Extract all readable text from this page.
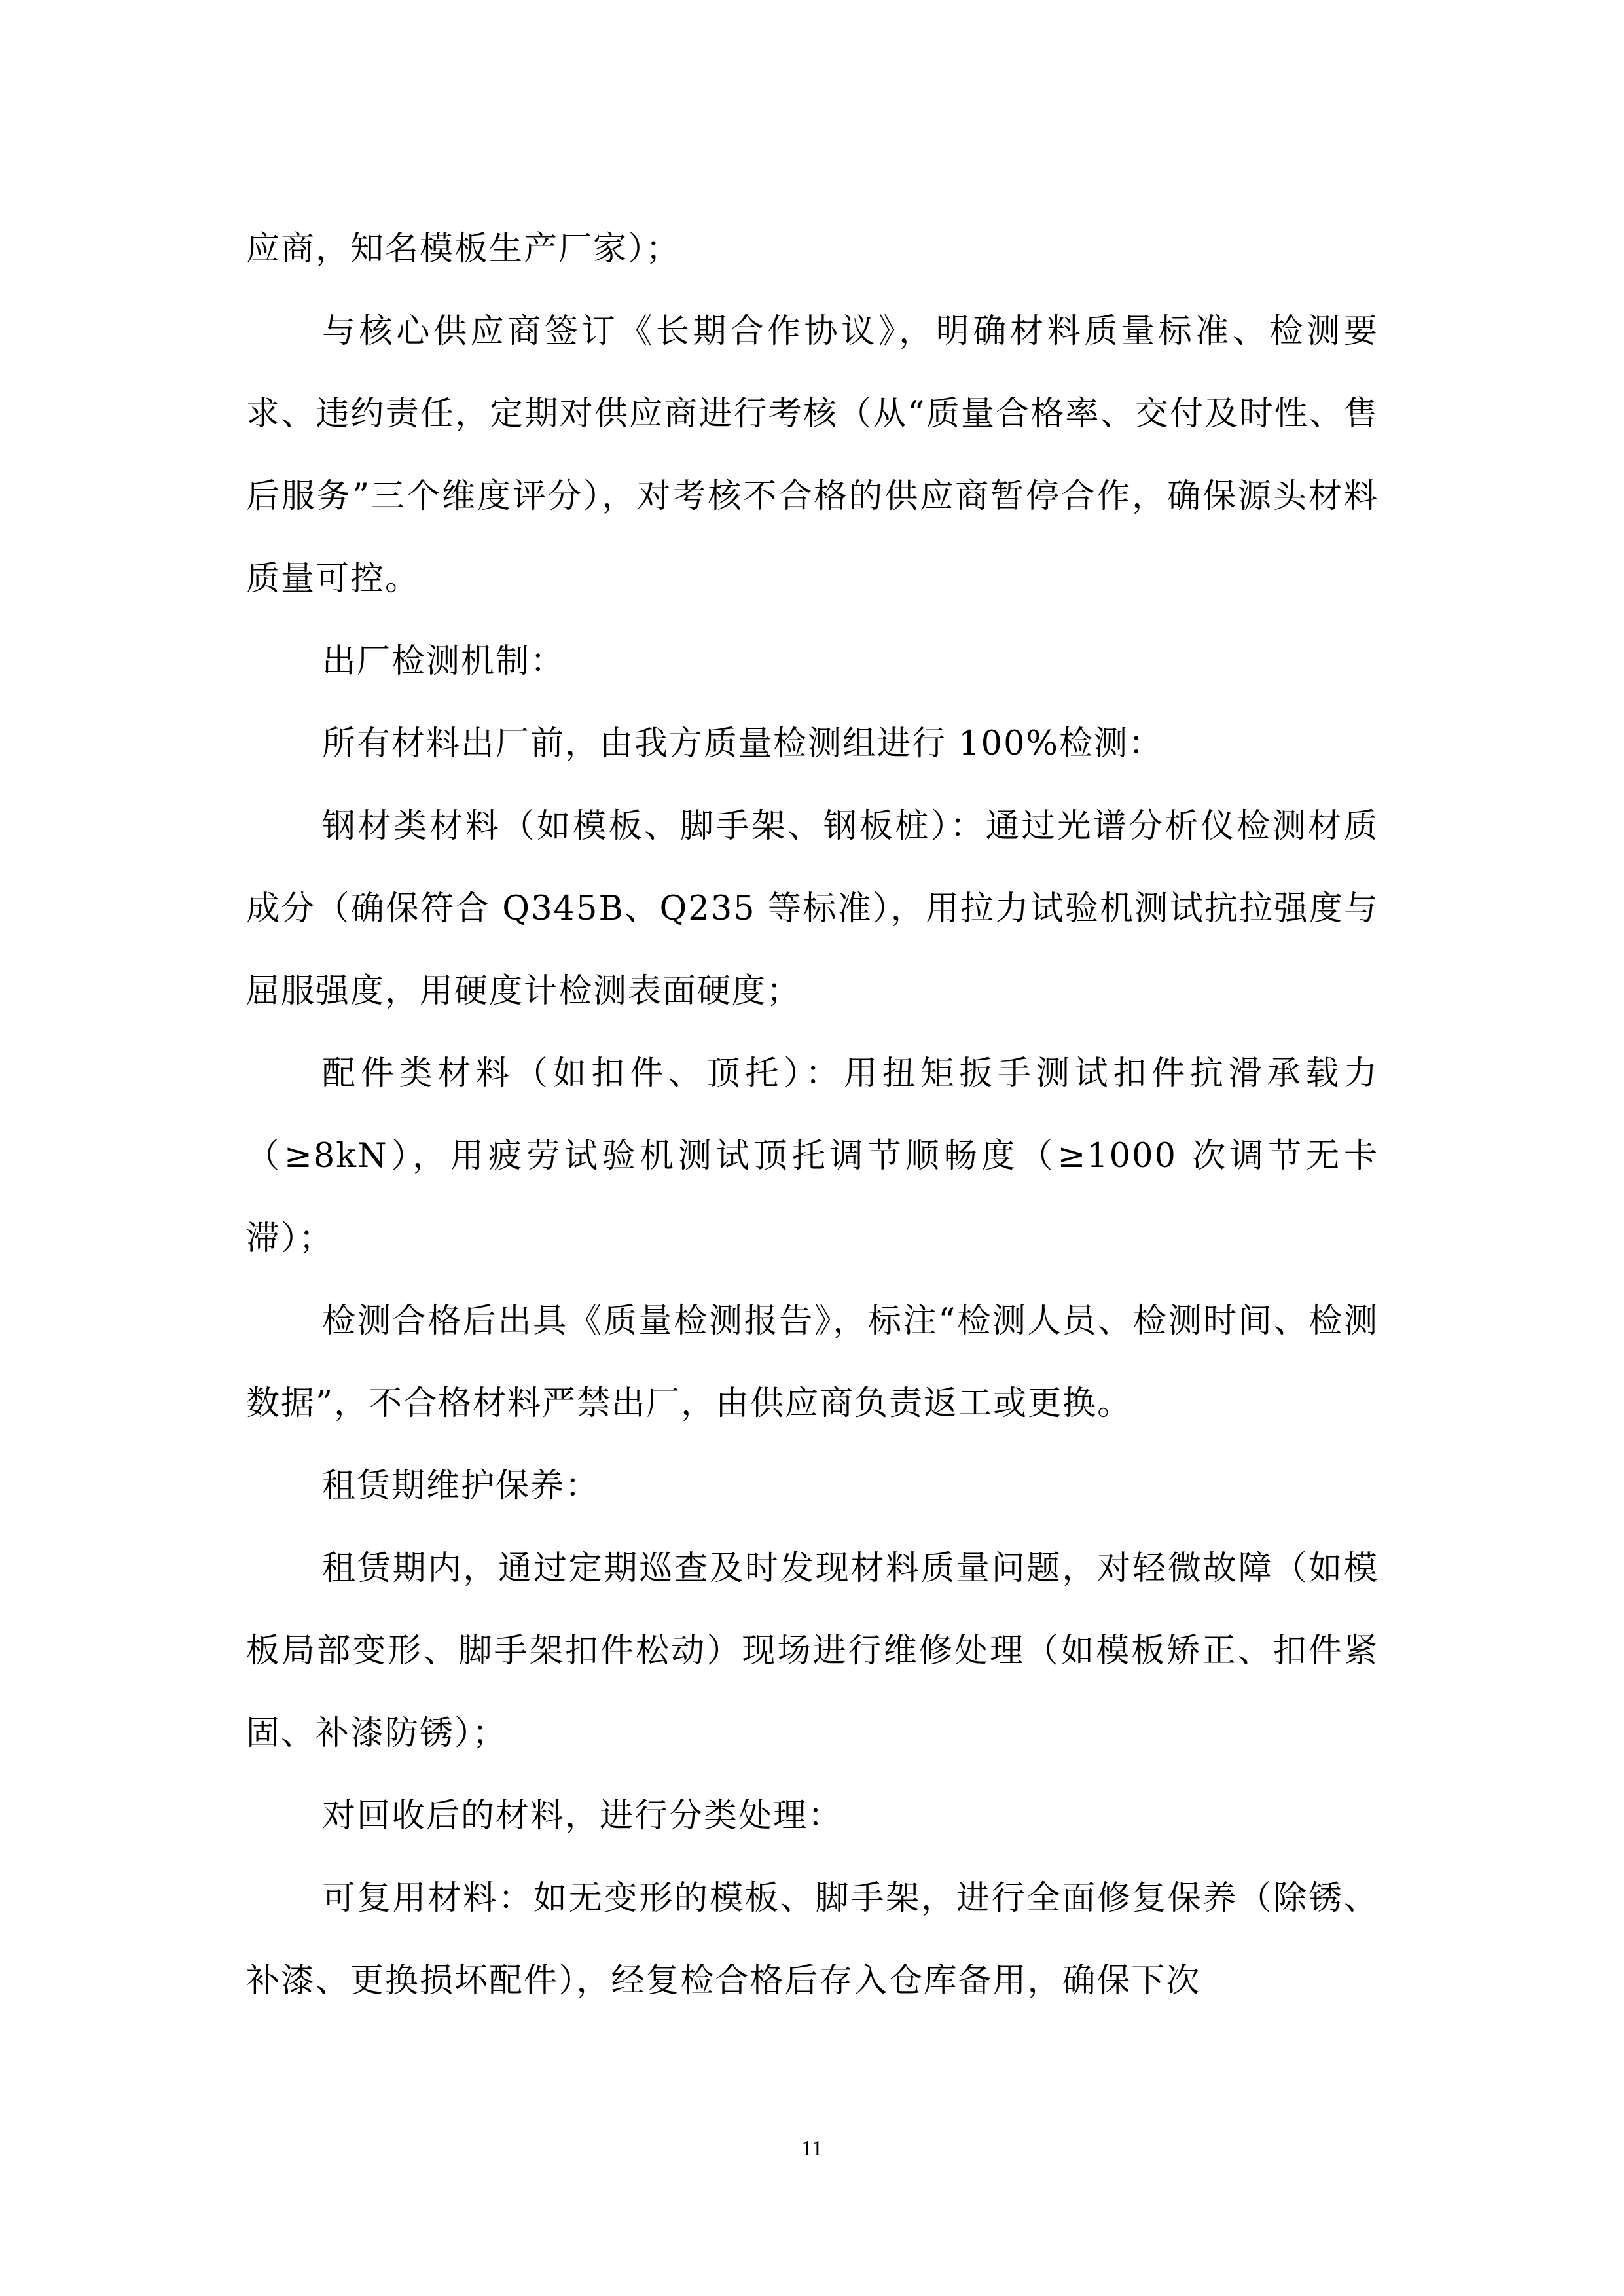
应商，知名模板生产厂家）；

与核心供应商签订《长期合作协议》，明确材料质量标准、检测要求、违约责任，定期对供应商进行考核（从“质量合格率、交付及时性、售后服务”三个维度评分），对考核不合格的供应商暂停合作，确保源头材料质量可控。

出厂检测机制：

所有材料出厂前，由我方质量检测组进行 100%检测：

钢材类材料（如模板、脚手架、钢板桩）：通过光谱分析仪检测材质成分（确保符合 Q345B、Q235 等标准），用拉力试验机测试抗拉强度与屈服强度，用硬度计检测表面硬度；

配件类材料（如扣件、顶托）：用扭矩扳手测试扣件抗滑承载力（≥8kN），用疲劳试验机测试顶托调节顺畅度（≥1000 次调节无卡滞）；

检测合格后出具《质量检测报告》，标注“检测人员、检测时间、检测数据”，不合格材料严禁出厂，由供应商负责返工或更换。

租赁期维护保养：

租赁期内，通过定期巡查及时发现材料质量问题，对轻微故障（如模板局部变形、脚手架扣件松动）现场进行维修处理（如模板矫正、扣件紧固、补漆防锈）；

对回收后的材料，进行分类处理：

可复用材料：如无变形的模板、脚手架，进行全面修复保养（除锈、补漆、更换损坏配件），经复检合格后存入仓库备用，确保下次

11
